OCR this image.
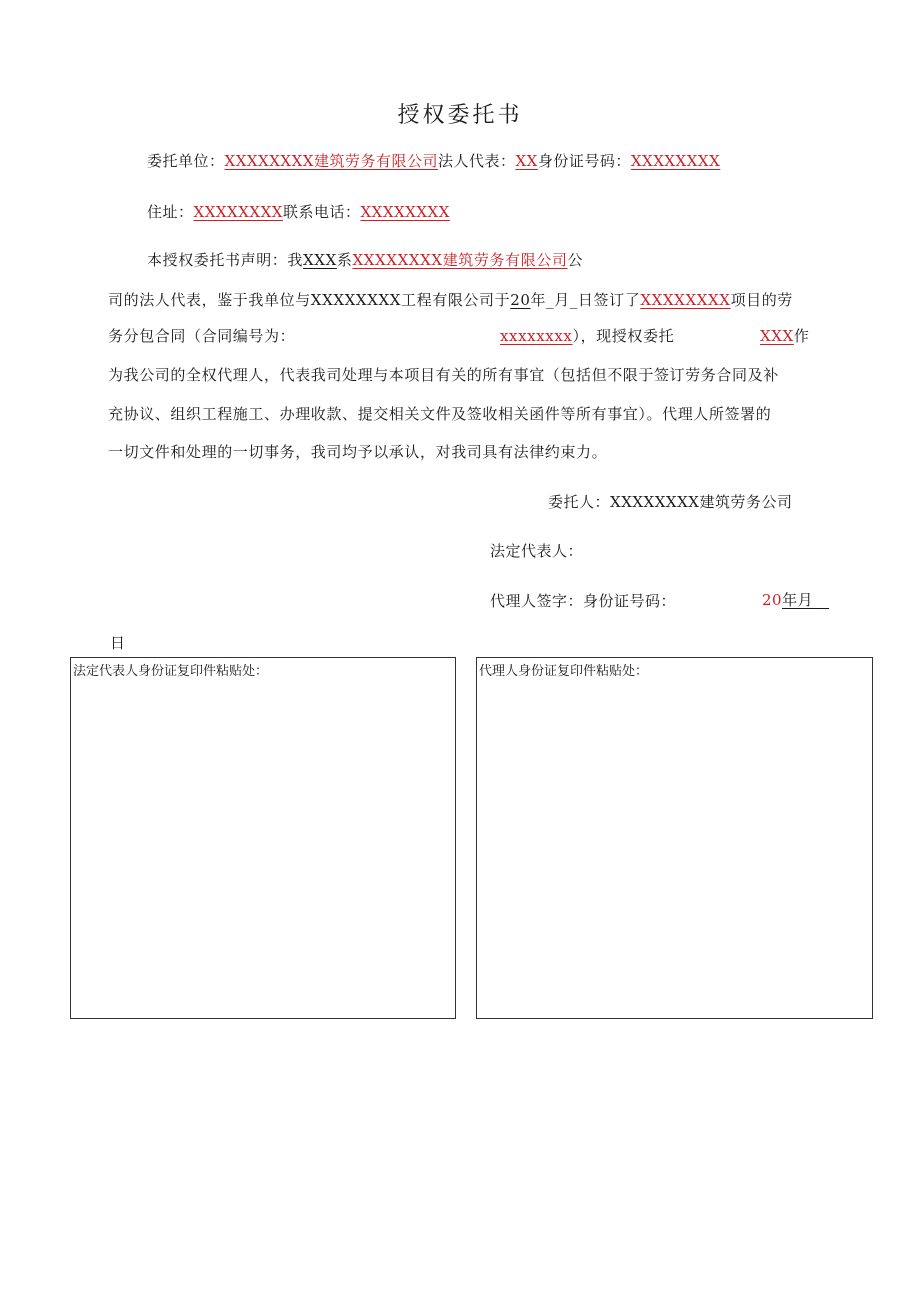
授权委托书
委托单位：XXXXXXXX建筑劳务有限公司法人代表：XX身份证号码：XXXXXXXX
住址：XXXXXXXX联系电话：XXXXXXXX
本授权委托书声明：我XXX系XXXXXXXX建筑劳务有限公司公
司的法人代表，鉴于我单位与XXXXXXXX工程有限公司于20年_月_日签订了XXXXXXXX项目的劳
务分包合同（合同编号为：	xxxxxxxx），现授权委托	XXX作
为我公司的全权代理人，代表我司处理与本项目有关的所有事宜（包括但不限于签订劳务合同及补
充协议、组织工程施工、办理收款、提交相关文件及签收相关函件等所有事宜）。代理人所签署的
一切文件和处理的一切事务，我司均予以承认，对我司具有法律约束力。
委托人：XXXXXXXX建筑劳务公司
法定代表人：
代理人签字：身份证号码：	20年月__
日
法定代表人身份证复印件粘贴处：	代理人身份证复印件粘贴处：
